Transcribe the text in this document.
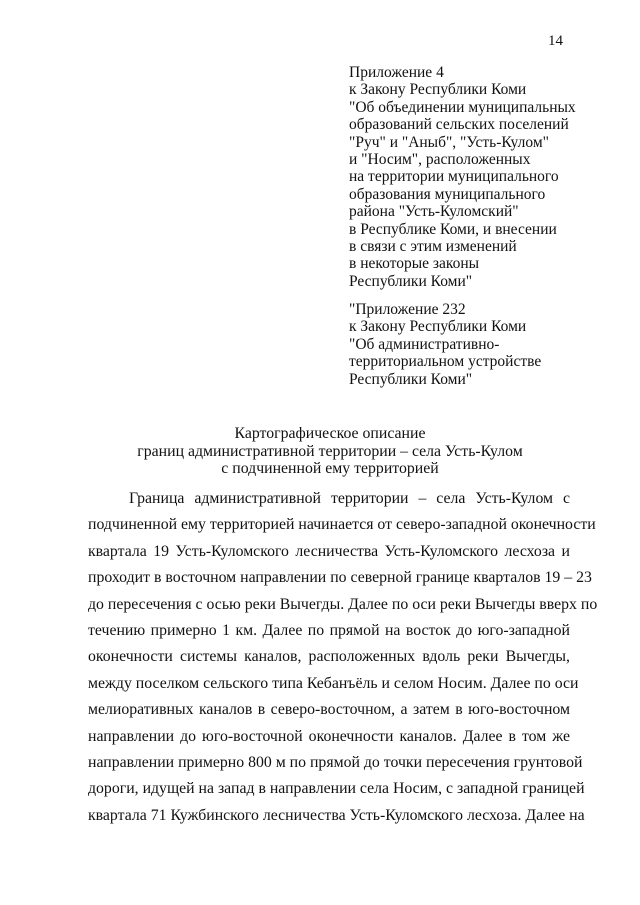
14
Приложение 4
к Закону Республики Коми
"Об объединении муниципальных
образований сельских поселений
"Руч" и "Аныб", "Усть-Кулом"
и "Носим", расположенных
на территории муниципального
образования муниципального
района "Усть-Куломский"
в Республике Коми, и внесении
в связи с этим изменений
в некоторые законы
Республики Коми"
"Приложение 232
к Закону Республики Коми
"Об административно-
территориальном устройстве
Республики Коми"
Картографическое описание
границ административной территории – села Усть-Кулом
с подчиненной ему территорией
Граница административной территории – села Усть-Кулом с
подчиненной ему территорией начинается от северо-западной оконечности
квартала 19 Усть-Куломского лесничества Усть-Куломского лесхоза и
проходит в восточном направлении по северной границе кварталов 19 – 23
до пересечения с осью реки Вычегды. Далее по оси реки Вычегды вверх по
течению примерно 1 км. Далее по прямой на восток до юго-западной
оконечности системы каналов, расположенных вдоль реки Вычегды,
между поселком сельского типа Кебанъёль и селом Носим. Далее по оси
мелиоративных каналов в северо-восточном, а затем в юго-восточном
направлении до юго-восточной оконечности каналов. Далее в том же
направлении примерно 800 м по прямой до точки пересечения грунтовой
дороги, идущей на запад в направлении села Носим, с западной границей
квартала 71 Кужбинского лесничества Усть-Куломского лесхоза. Далее на
